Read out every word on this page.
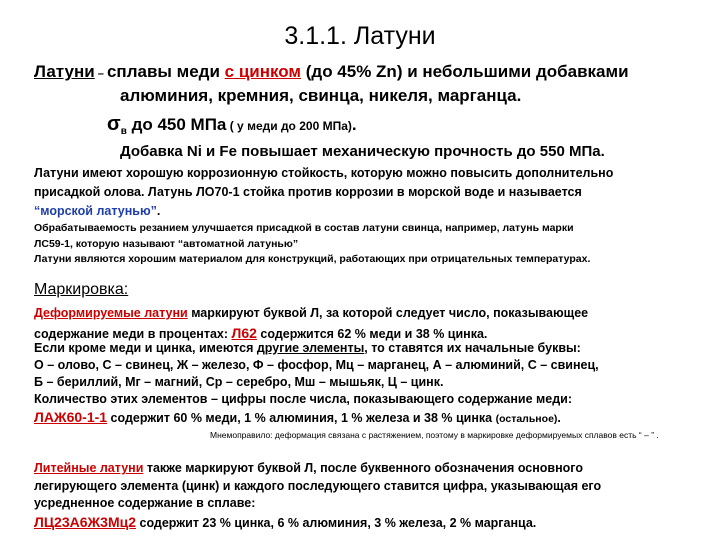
3.1.1. Латуни
Латуни – сплавы меди с цинком (до 45% Zn) и небольшими добавками
алюминия, кремния, свинца, никеля, марганца.
$\sigma_в$ до 450 МПа ( у меди до 200 МПа).
Добавка Ni и Fe повышает механическую прочность до 550 МПа.
Латуни имеют хорошую коррозионную стойкость, которую можно повысить дополнительно
присадкой олова. Латунь ЛО70-1 стойка против коррозии в морской воде и называется
“морской латунью”.
Обрабатываемость резанием улучшается присадкой в состав латуни свинца, например, латунь марки
ЛС59-1, которую называют “автоматной латунью”
Латуни являются хорошим материалом для конструкций, работающих при отрицательных температурах.
Маркировка:
Деформируемые латуни маркируют буквой Л, за которой следует число, показывающее
содержание меди в процентах: Л62 содержится 62 % меди и 38 % цинка.
Если кроме меди и цинка, имеются другие элементы, то ставятся их начальные буквы:
О – олово, С – свинец, Ж – железо, Ф – фосфор, Мц – марганец, А – алюминий, С – свинец,
Б – бериллий, Мг – магний, Ср – серебро, Мш – мышьяк, Ц – цинк.
Количество этих элементов – цифры после числа, показывающего содержание меди:
ЛАЖ60-1-1 содержит 60 % меди, 1 % алюминия, 1 % железа и 38 % цинка (остальное).
Мнемоправило: деформация связана с растяжением, поэтому в маркировке деформируемых сплавов есть “ – ” .
Литейные латуни также маркируют буквой Л, после буквенного обозначения основного
легирующего элемента (цинк) и каждого последующего ставится цифра, указывающая его
усредненное содержание в сплаве:
ЛЦ23А6Ж3Мц2 содержит 23 % цинка, 6 % алюминия, 3 % железа, 2 % марганца.
